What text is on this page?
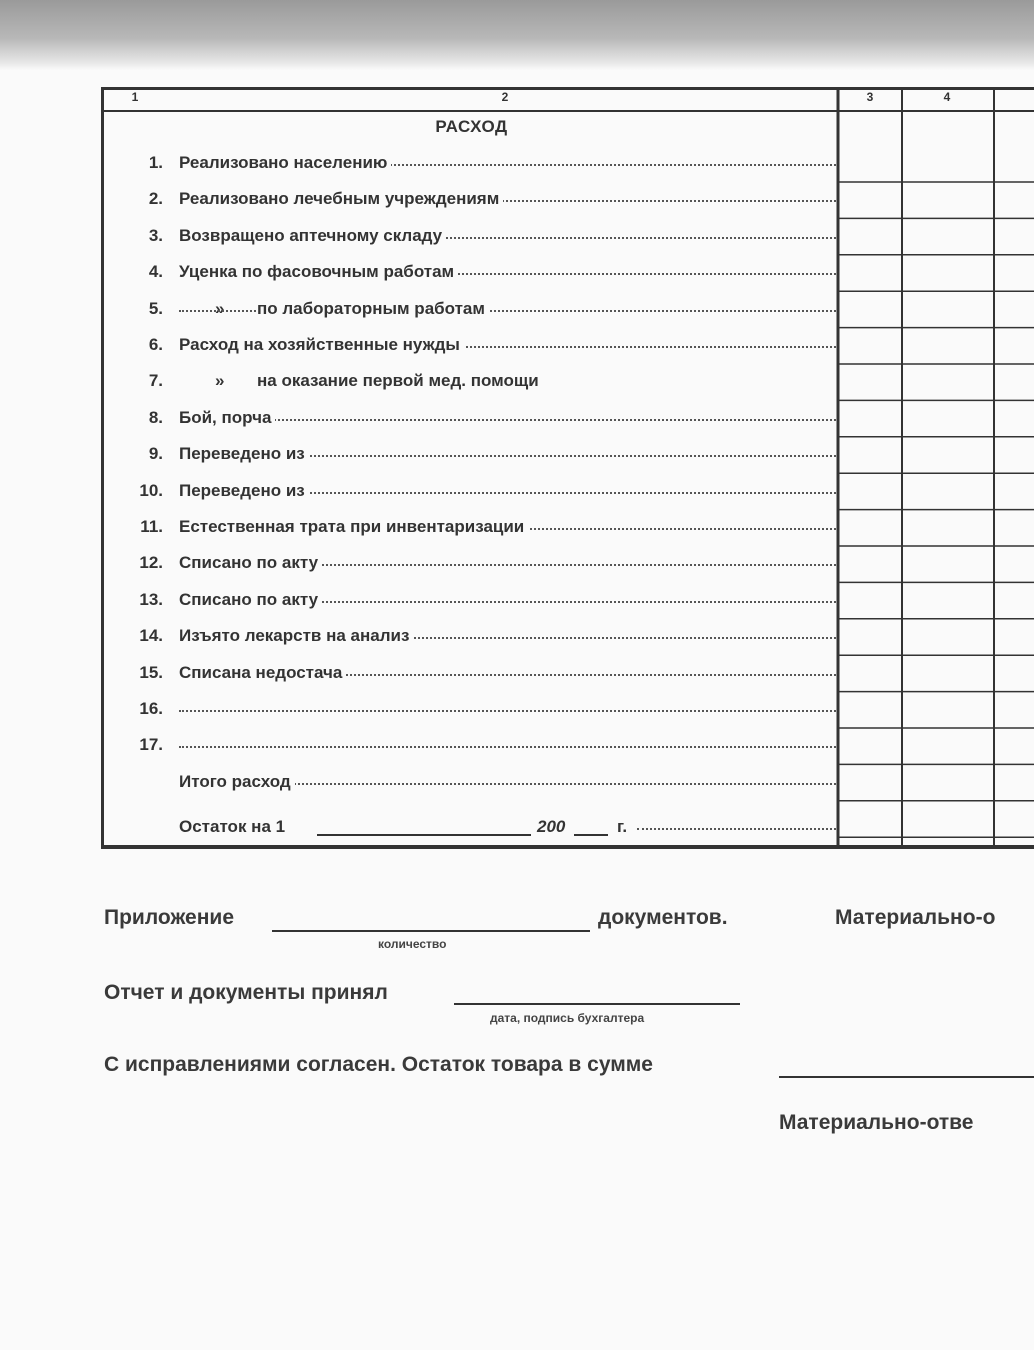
1	2	3	4
РАСХОД
1. Реализовано населению
2. Реализовано лечебным учреждениям
3. Возвращено аптечному складу
4. Уценка по фасовочным работам
5.	» по лабораторным работам
6. Расход на хозяйственные нужды
7.	» на оказание первой мед. помощи
8. Бой, порча
9. Переведено из
10. Переведено из
11. Естественная трата при инвентаризации
12. Списано по акту
13. Списано по акту
14. Изъято лекарств на анализ
15. Списана недостача
16.
17.
Итого расход
Остаток на 1	200	г.
Приложение	документов.
количество
Материально-о
Отчет и документы принял
дата, подпись бухгалтера
С исправлениями согласен. Остаток товара в сумме
Материально-отве
